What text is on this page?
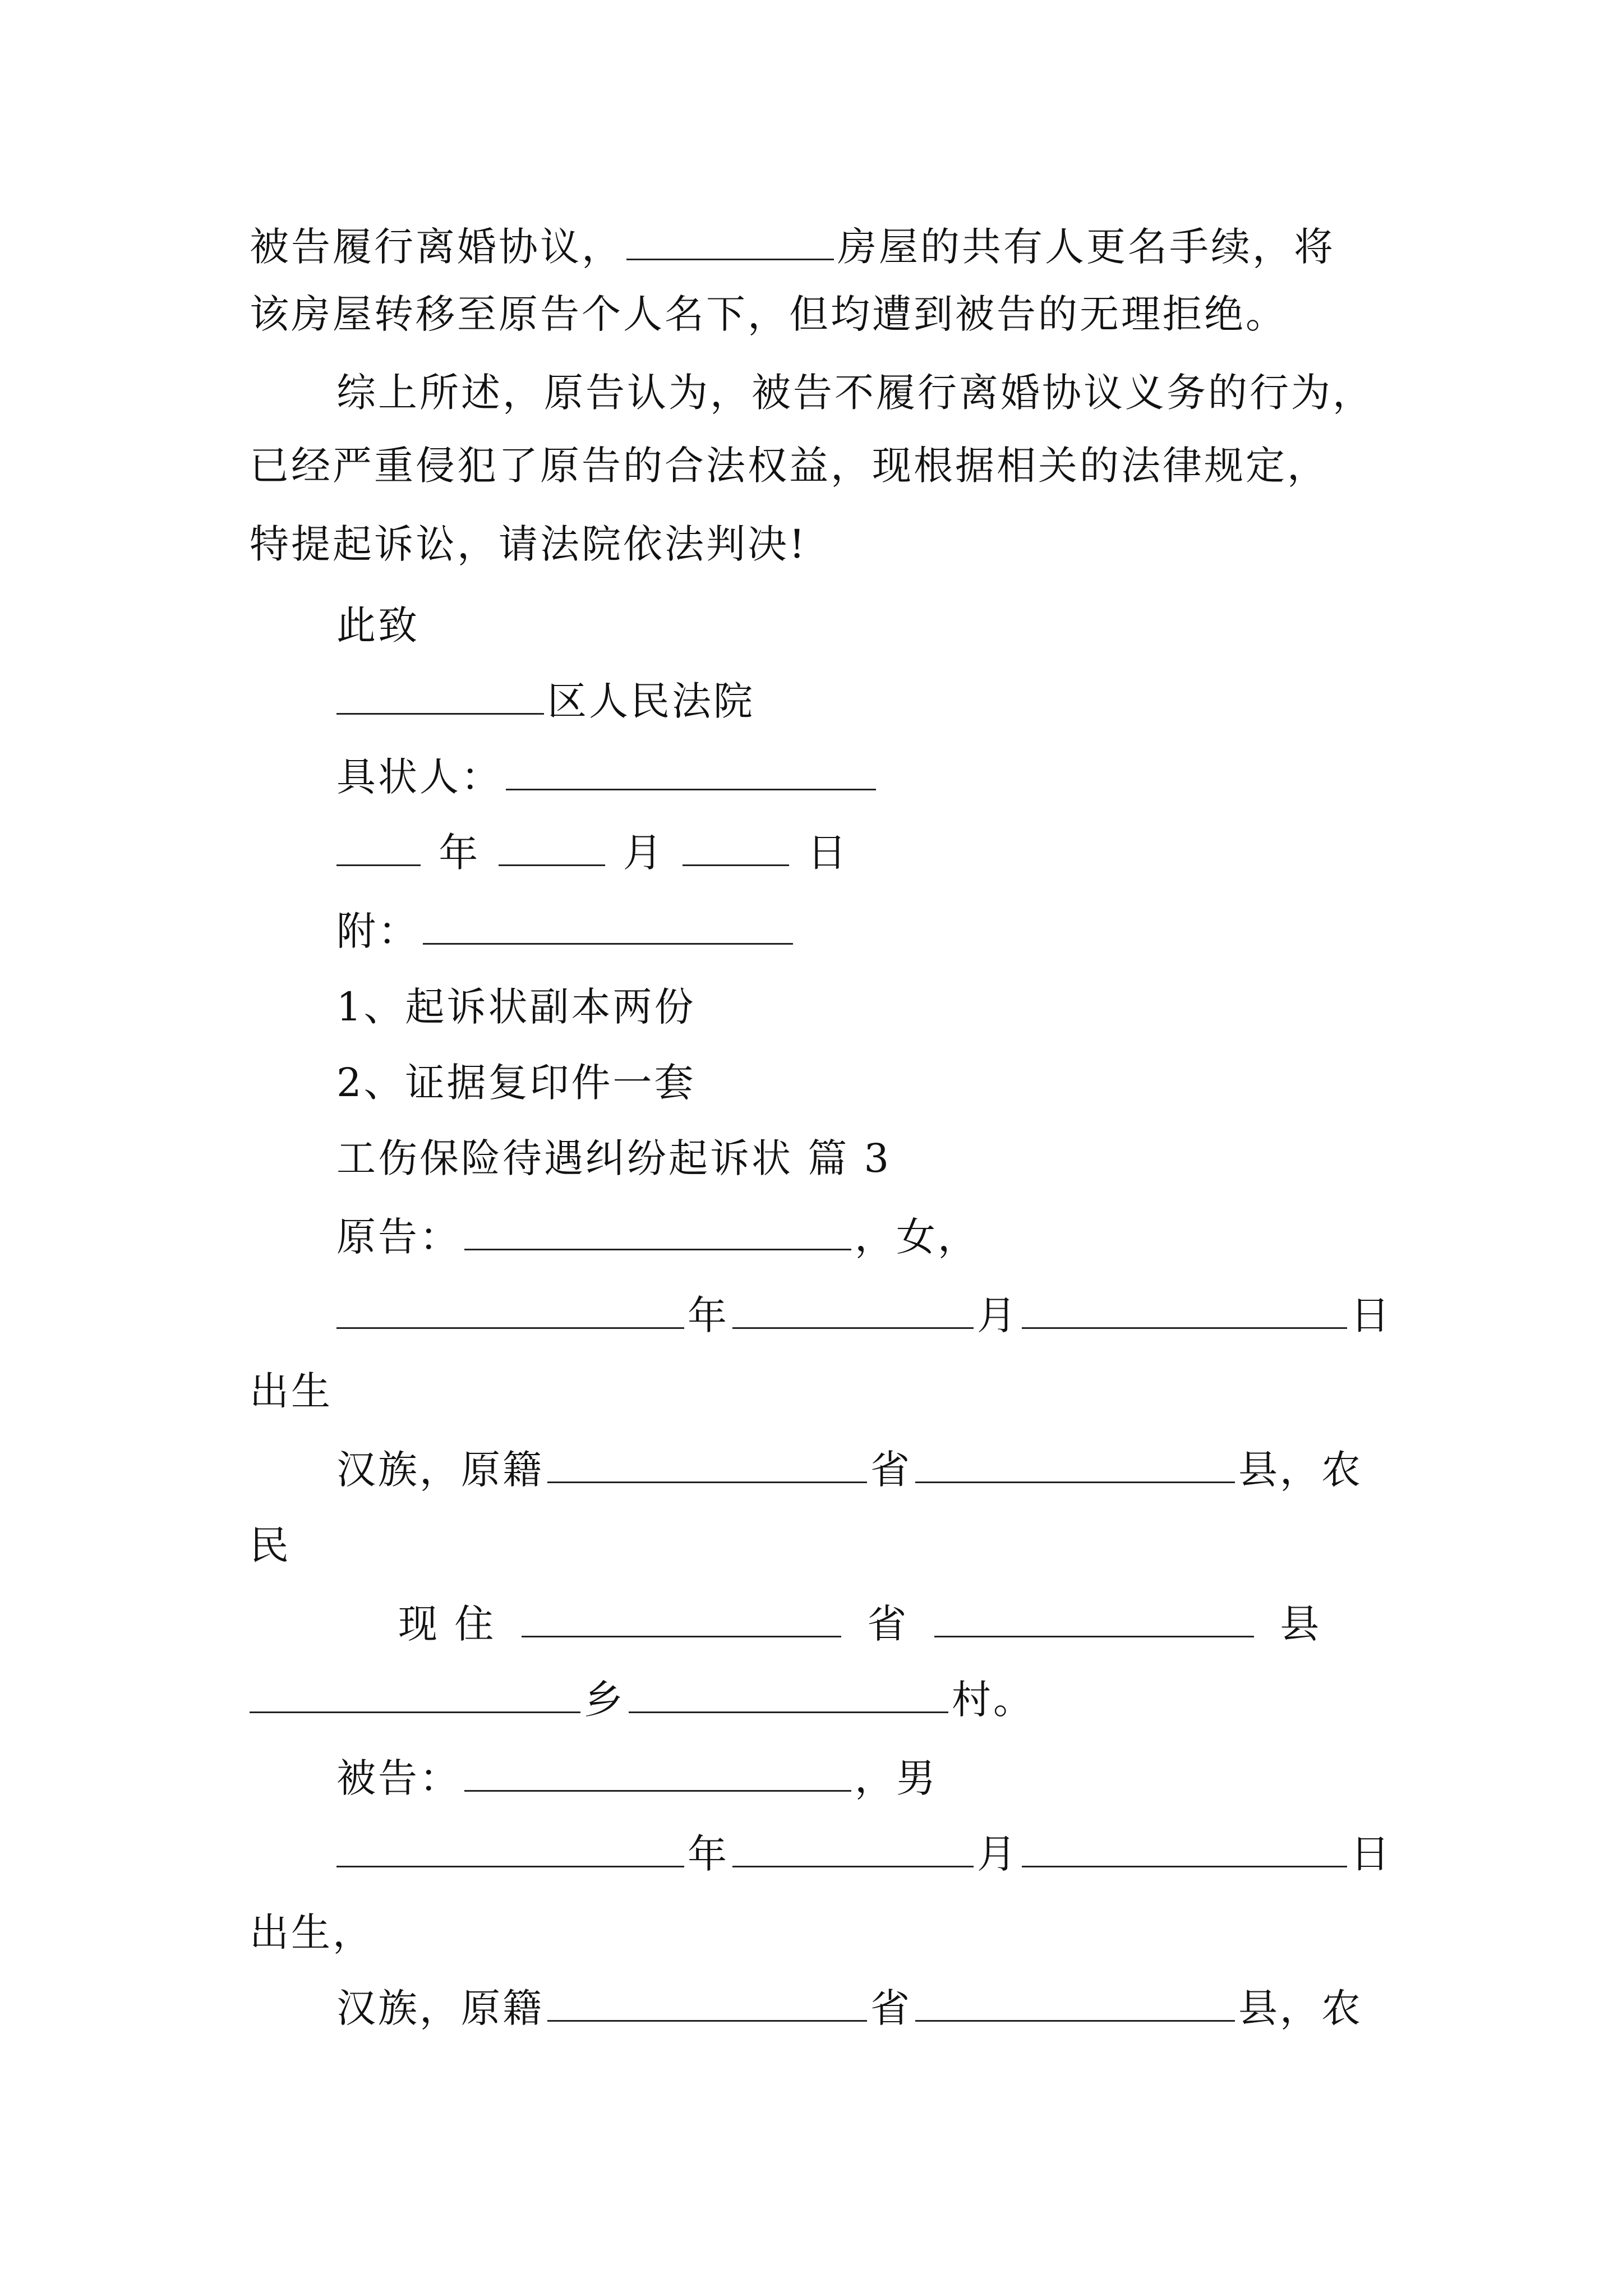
被告履行离婚协议，	房屋的共有人更名手续，将
该房屋转移至原告个人名下，但均遭到被告的无理拒绝。
综上所述，原告认为，被告不履行离婚协议义务的行为，
已经严重侵犯了原告的合法权益，现根据相关的法律规定，
特提起诉讼，请法院依法判决!
此致
区人民法院
具状人：
年	月	日
附：
1、起诉状副本两份
2、证据复印件一套
工伤保险待遇纠纷起诉状 篇 3
原告：	，女，
年	月	日
出生
汉族，原籍	省	县，农
民
现 住	省	县
乡	村。
被告：	，男
年	月	日
出生，
汉族，原籍	省	县，农
